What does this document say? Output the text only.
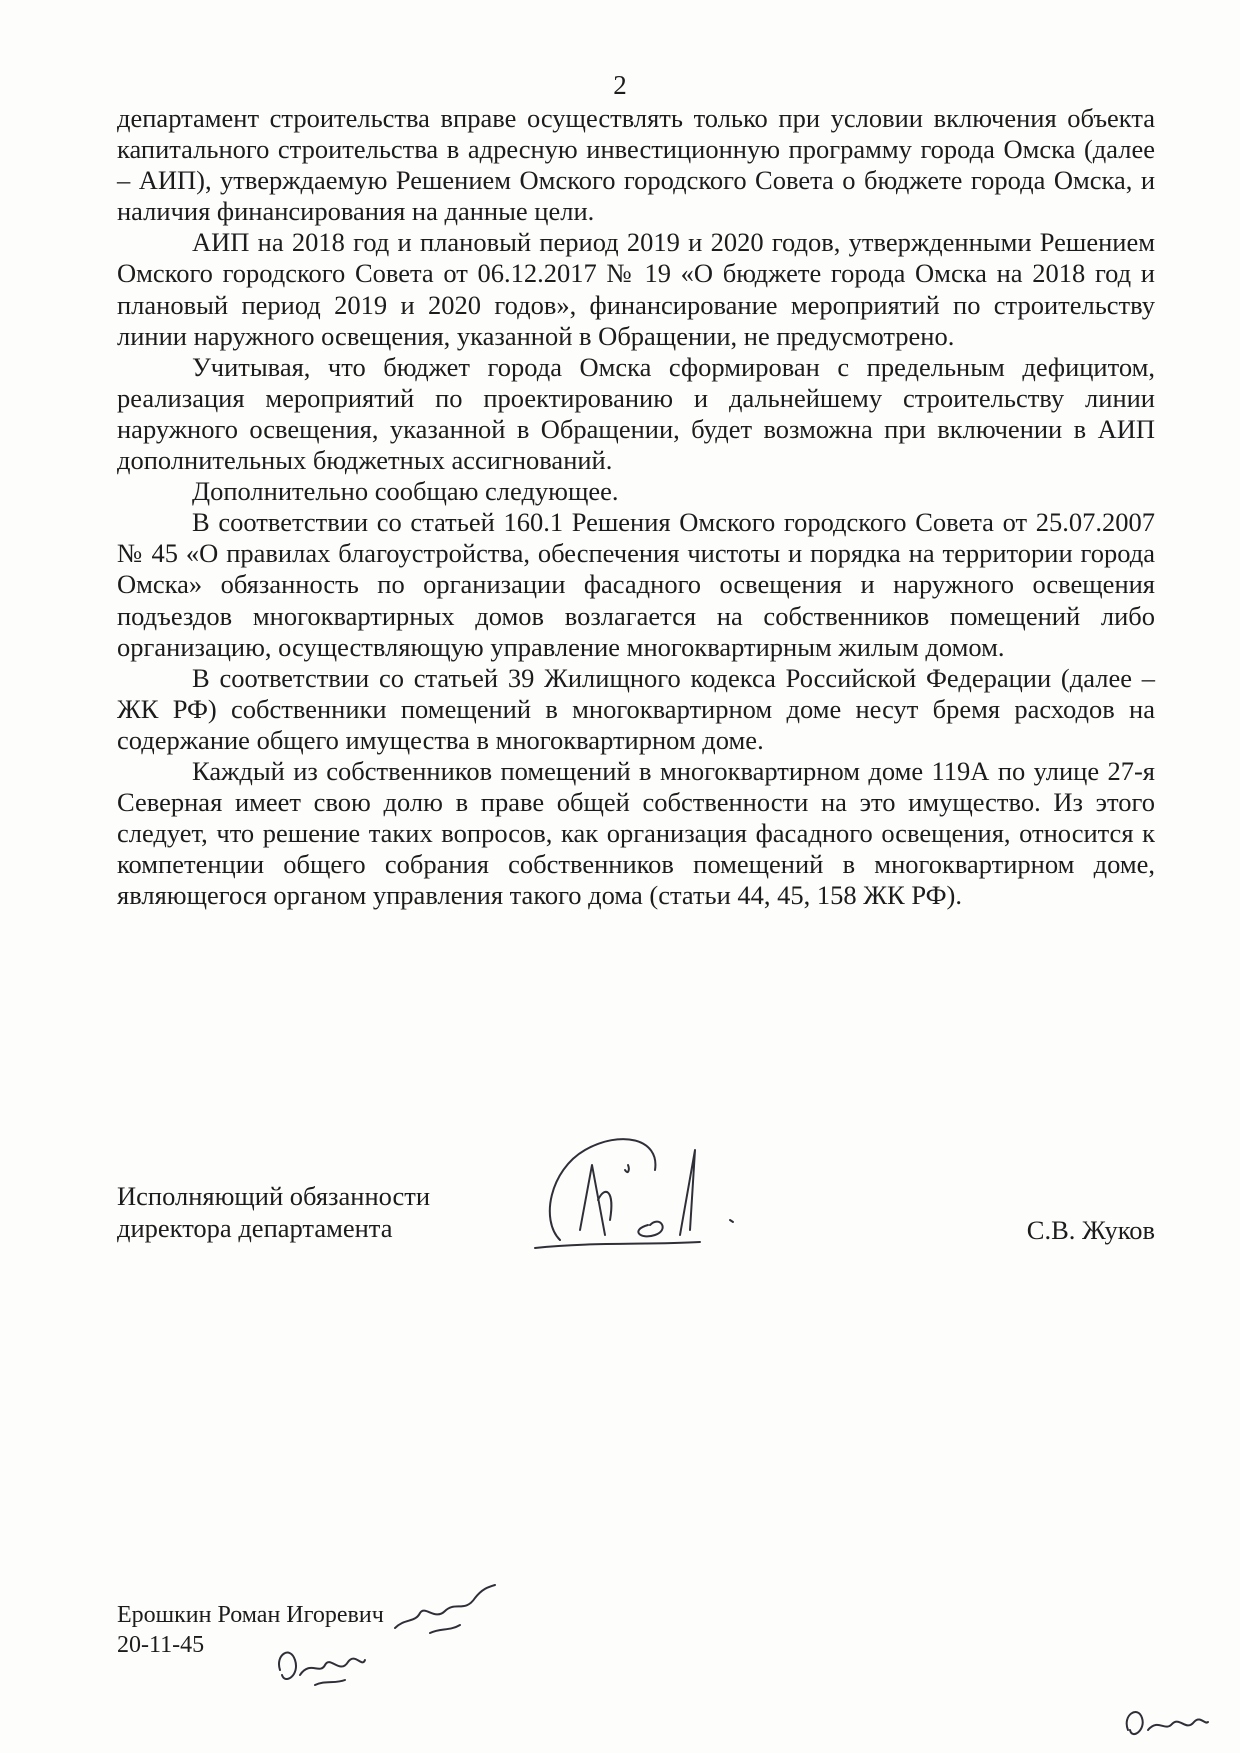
2

департамент строительства вправе осуществлять только при условии включения объекта капитального строительства в адресную инвестиционную программу города Омска (далее – АИП), утверждаемую Решением Омского городского Совета о бюджете города Омска, и наличия финансирования на данные цели.

АИП на 2018 год и плановый период 2019 и 2020 годов, утвержденными Решением Омского городского Совета от 06.12.2017 № 19 «О бюджете города Омска на 2018 год и плановый период 2019 и 2020 годов», финансирование мероприятий по строительству линии наружного освещения, указанной в Обращении, не предусмотрено.

Учитывая, что бюджет города Омска сформирован с предельным дефицитом, реализация мероприятий по проектированию и дальнейшему строительству линии наружного освещения, указанной в Обращении, будет возможна при включении в АИП дополнительных бюджетных ассигнований.

Дополнительно сообщаю следующее.

В соответствии со статьей 160.1 Решения Омского городского Совета от 25.07.2007 № 45 «О правилах благоустройства, обеспечения чистоты и порядка на территории города Омска» обязанность по организации фасадного освещения и наружного освещения подъездов многоквартирных домов возлагается на собственников помещений либо организацию, осуществляющую управление многоквартирным жилым домом.

В соответствии со статьей 39 Жилищного кодекса Российской Федерации (далее – ЖК РФ) собственники помещений в многоквартирном доме несут бремя расходов на содержание общего имущества в многоквартирном доме.

Каждый из собственников помещений в многоквартирном доме 119А по улице 27-я Северная имеет свою долю в праве общей собственности на это имущество. Из этого следует, что решение таких вопросов, как организация фасадного освещения, относится к компетенции общего собрания собственников помещений в многоквартирном доме, являющегося органом управления такого дома (статьи 44, 45, 158 ЖК РФ).

Исполняющий обязанности
директора департамента	С.В. Жуков
Ерошкин Роман Игоревич
20-11-45
